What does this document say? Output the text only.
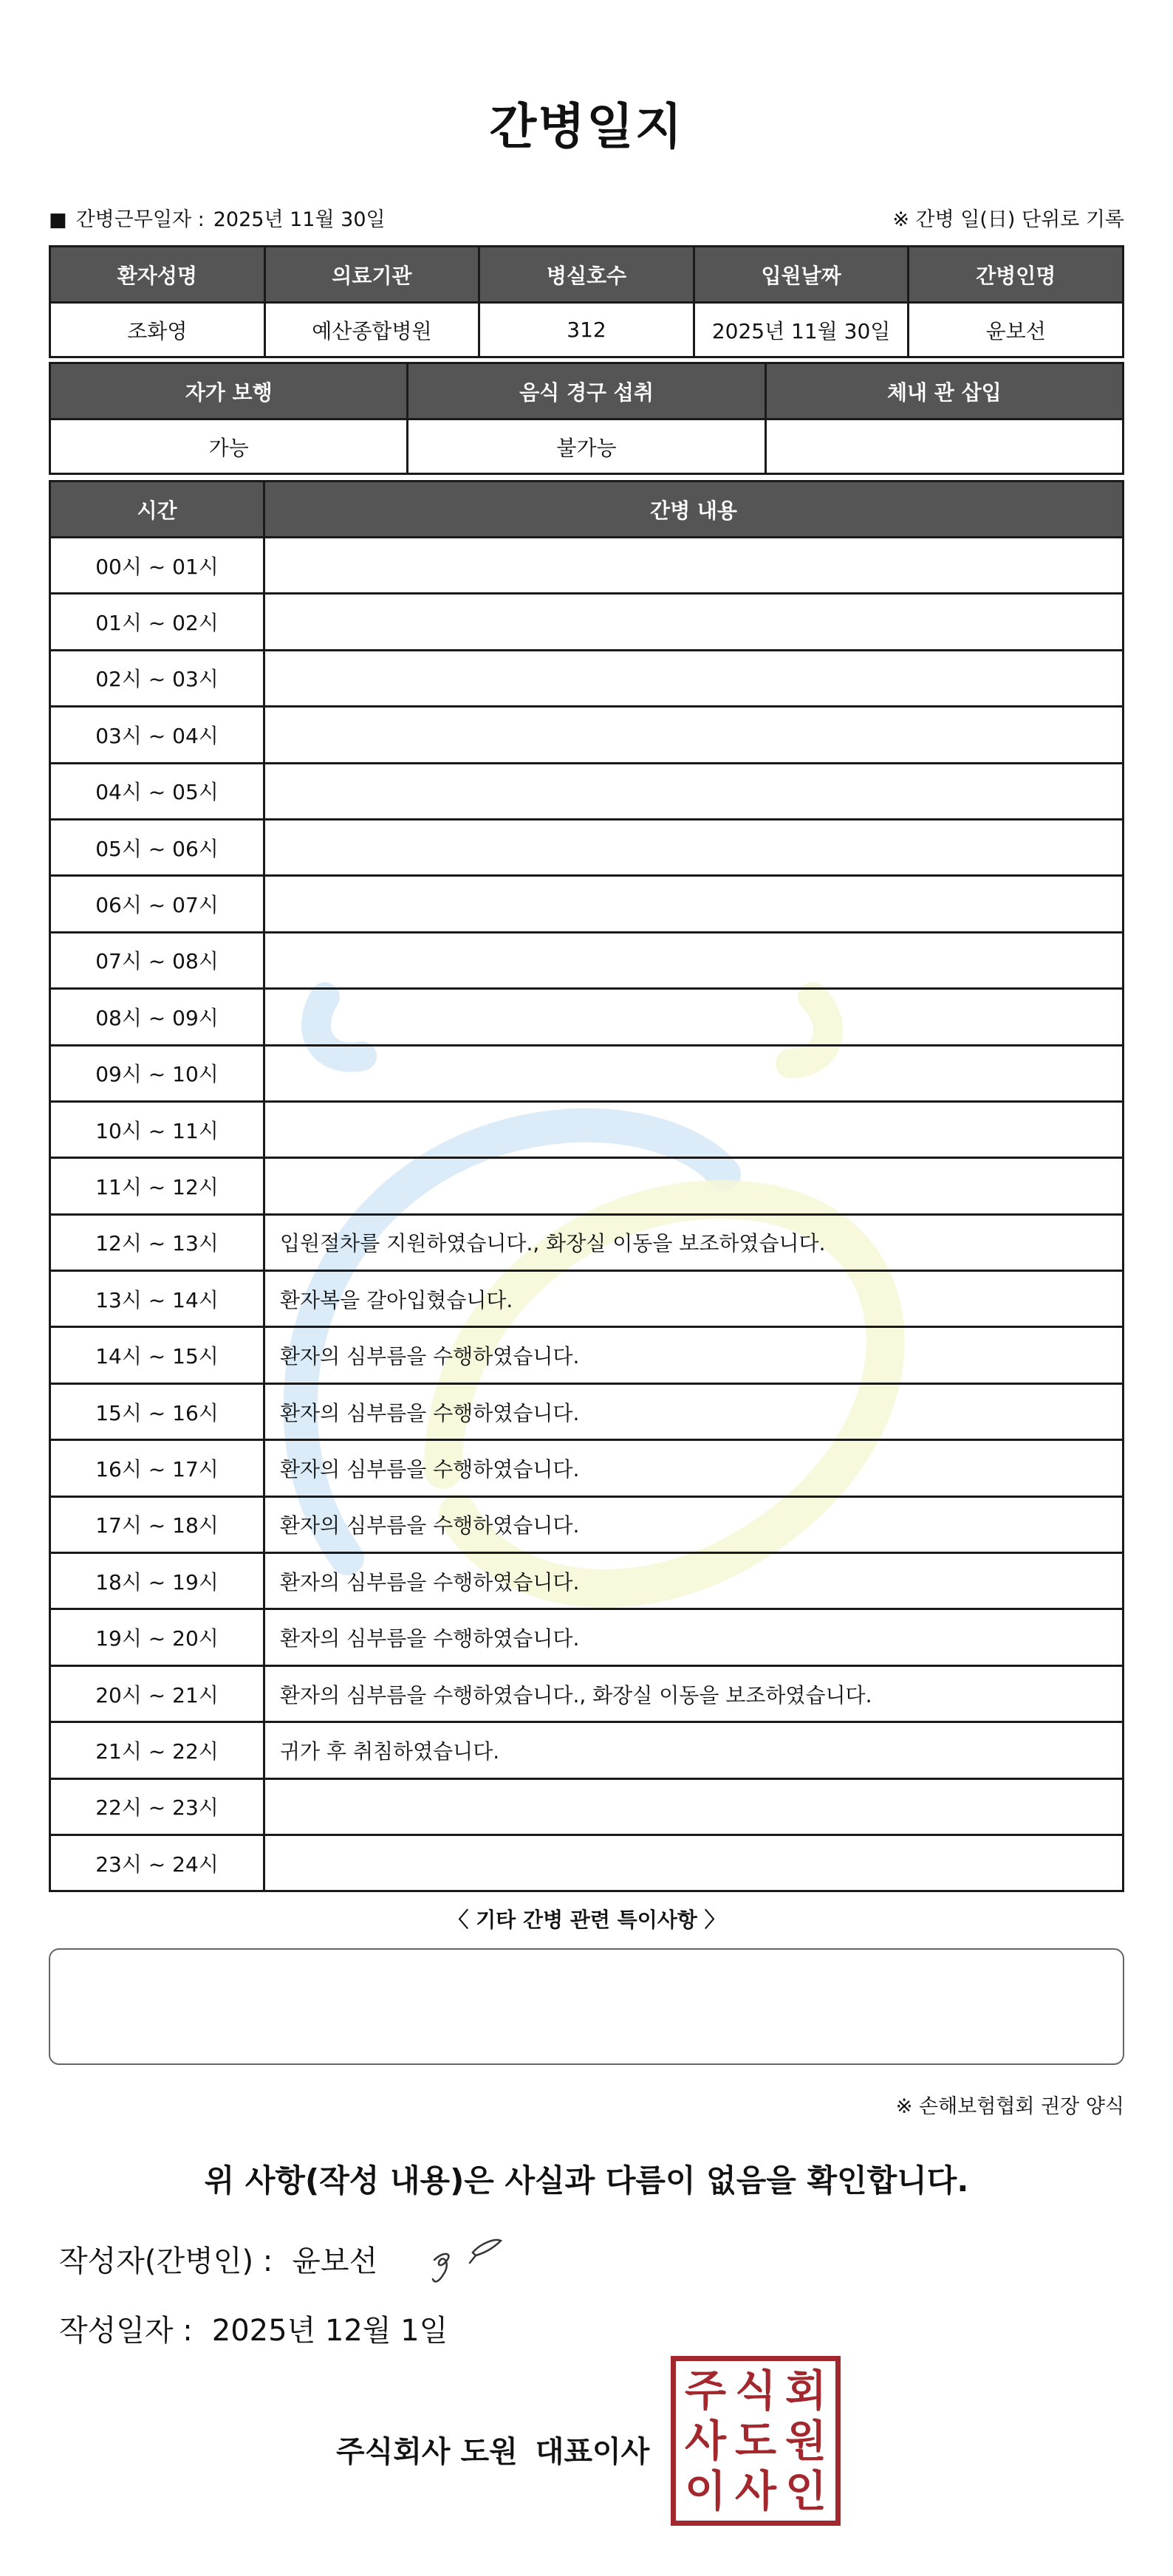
간병일지
■ 간병근무일자 : 2025년 11월 30일	※ 간병 일(日) 단위로 기록
환자성명	의료기관	병실호수	입원날짜	간병인명
조화영	예산종합병원	312	2025년 11월 30일	윤보선
자가 보행	음식 경구 섭취	체내 관 삽입
가능	불가능	
시간	간병 내용
00시 ~ 01시	
01시 ~ 02시	
02시 ~ 03시	
03시 ~ 04시	
04시 ~ 05시	
05시 ~ 06시	
06시 ~ 07시	
07시 ~ 08시	
08시 ~ 09시	
09시 ~ 10시	
10시 ~ 11시	
11시 ~ 12시	
12시 ~ 13시	입원절차를 지원하였습니다., 화장실 이동을 보조하였습니다.
13시 ~ 14시	환자복을 갈아입혔습니다.
14시 ~ 15시	환자의 심부름을 수행하였습니다.
15시 ~ 16시	환자의 심부름을 수행하였습니다.
16시 ~ 17시	환자의 심부름을 수행하였습니다.
17시 ~ 18시	환자의 심부름을 수행하였습니다.
18시 ~ 19시	환자의 심부름을 수행하였습니다.
19시 ~ 20시	환자의 심부름을 수행하였습니다.
20시 ~ 21시	환자의 심부름을 수행하였습니다., 화장실 이동을 보조하였습니다.
21시 ~ 22시	귀가 후 취침하였습니다.
22시 ~ 23시	
23시 ~ 24시	
〈 기타 간병 관련 특이사항 〉
※ 손해보험협회 권장 양식
위 사항(작성 내용)은 사실과 다름이 없음을 확인합니다.
작성자(간병인) : 윤보선
작성일자 : 2025년 12월 1일
주식회사 도원 대표이사
주 식 회
사 도 원
이 사 인
